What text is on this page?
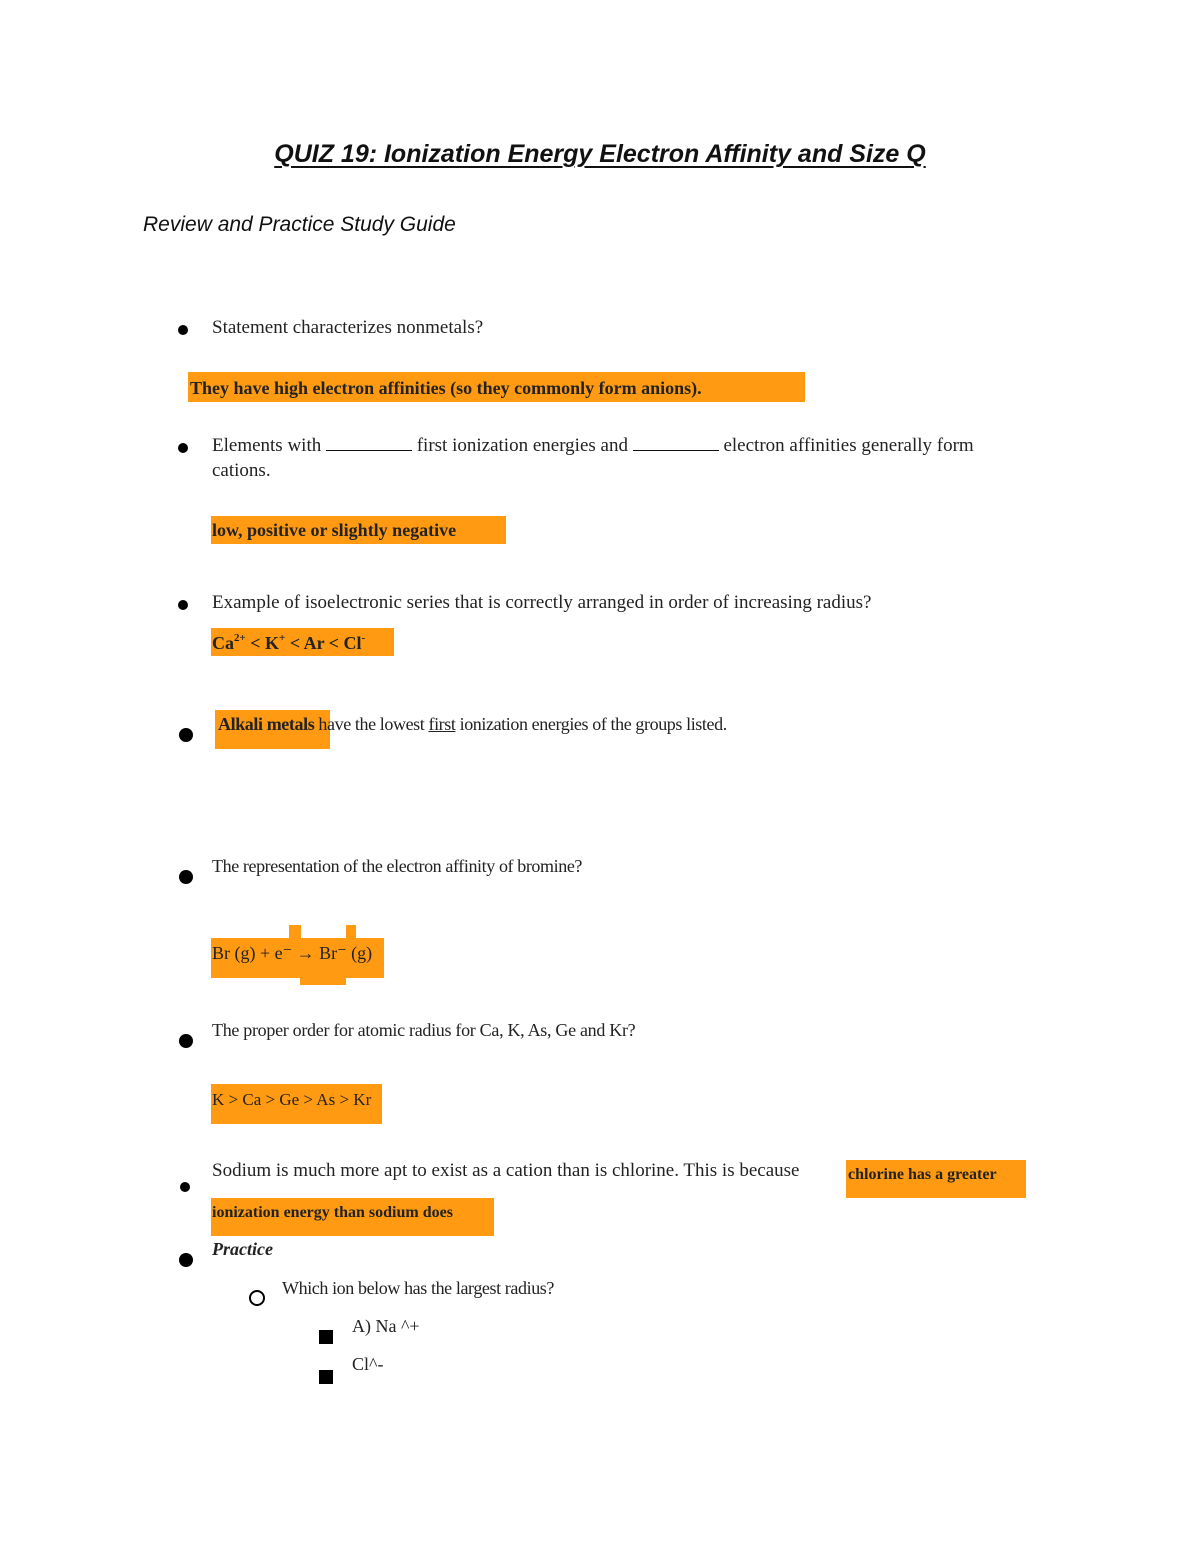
QUIZ 19: Ionization Energy Electron Affinity and Size Q
Review and Practice Study Guide
Statement characterizes nonmetals?
They have high electron affinities (so they commonly form anions).
Elements with	first ionization energies and	electron affinities generally form
cations.
low, positive or slightly negative
Example of isoelectronic series that is correctly arranged in order of increasing radius?
$Ca^{2+} < K^+ < Ar < Cl^-$
Alkali metals have the lowest first ionization energies of the groups listed.
The representation of the electron affinity of bromine?
Br (g) + e⁻ → Br⁻ (g)
The proper order for atomic radius for Ca, K, As, Ge and Kr?
K > Ca > Ge > As > Kr
Sodium is much more apt to exist as a cation than is chlorine. This is because	chlorine has a greater
ionization energy than sodium does
Practice
Which ion below has the largest radius?
A) Na ^+
Cl^-
